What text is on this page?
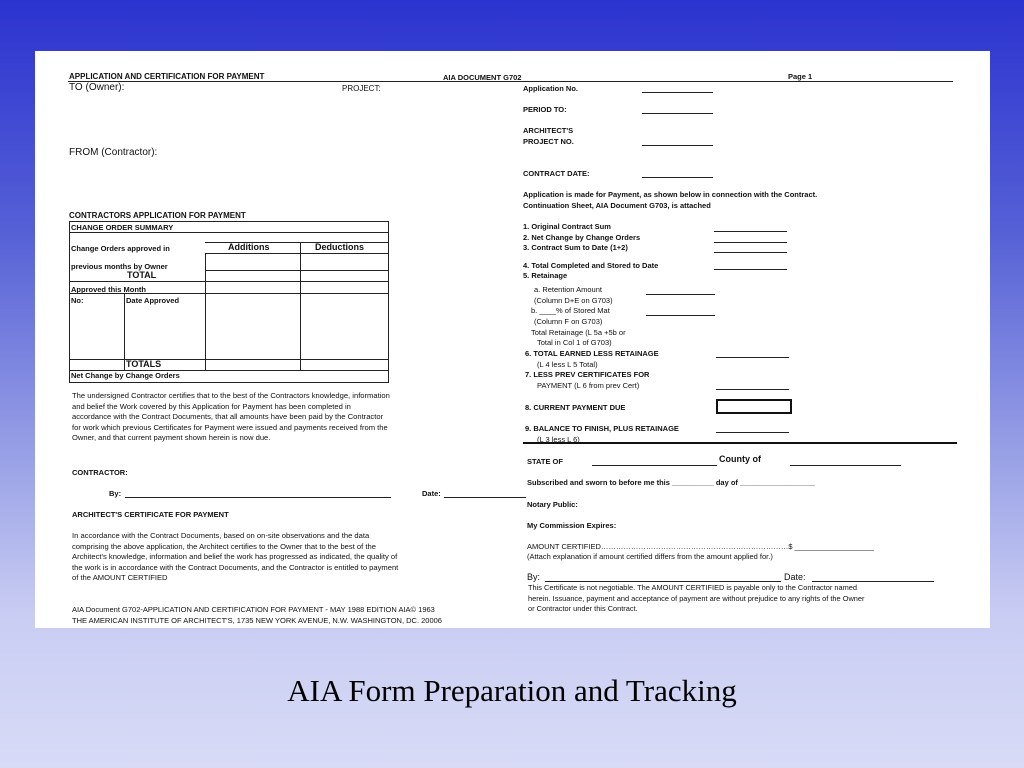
APPLICATION AND CERTIFICATION FOR PAYMENT	AIA DOCUMENT G702	Page 1
TO (Owner):	PROJECT:
FROM (Contractor):
CONTRACTORS APPLICATION FOR PAYMENT
CHANGE ORDER SUMMARY
Change Orders approved in
previous months by Owner
Additions	Deductions
TOTAL
Approved this Month
No:	Date Approved
TOTALS
Net Change by Change Orders
The undersigned Contractor certifies that to the best of the Contractors knowledge, information and belief the Work covered by this Application for Payment has been completed in accordance with the Contract Documents, that all amounts have been paid by the Contractor for work which previous Certificates for Payment were issued and payments received from the Owner, and that current payment shown herein is now due.
CONTRACTOR:
By:	Date:
ARCHITECT'S CERTIFICATE FOR PAYMENT
In accordance with the Contract Documents, based on on-site observations and the data comprising the above application, the Architect certifies to the Owner that to the best of the Architect's knowledge, information and belief the work has progressed as indicated, the quality of the work is in accordance with the Contract Documents, and the Contractor is entitled to payment of the AMOUNT CERTIFIED
AIA Document G702-APPLICATION AND CERTIFICATION FOR PAYMENT - MAY 1988 EDITION AIA© 1963
THE AMERICAN INSTITUTE OF ARCHITECT'S, 1735 NEW YORK AVENUE, N.W. WASHINGTON, DC. 20006
Application No.
PERIOD TO:
ARCHITECT'S
PROJECT NO.
CONTRACT DATE:
Application is made for Payment, as shown below in connection with the Contract.
Continuation Sheet, AIA Document G703, is attached
1. Original Contract Sum
2. Net Change by Change Orders
3. Contract Sum to Date (1+2)
4. Total Completed and Stored to Date
5. Retainage
a. Retention Amount
(Column D+E on G703)
b. ____% of Stored Mat
(Column F on G703)
Total Retainage (L 5a +5b or
Total in Col 1 of G703)
6. TOTAL EARNED LESS RETAINAGE
(L 4 less L 5 Total)
7. LESS PREV CERTIFICATES FOR
PAYMENT (L 6 from prev Cert)
8. CURRENT PAYMENT DUE
9. BALANCE TO FINISH, PLUS RETAINAGE
(L 3 less L 6)
STATE OF	County of
Subscribed and sworn to before me this __________ day of __________________
Notary Public:
My Commission Expires:
AMOUNT CERTIFIED…………………………………………………………………$ ___________________
(Attach explanation if amount certified differs from the amount applied for.)
By:	Date:
This Certificate is not negotiable. The AMOUNT CERTIFIED is payable only to the Contractor named herein. Issuance, payment and acceptance of payment are without prejudice to any rights of the Owner or Contractor under this Contract.
AIA Form Preparation and Tracking
